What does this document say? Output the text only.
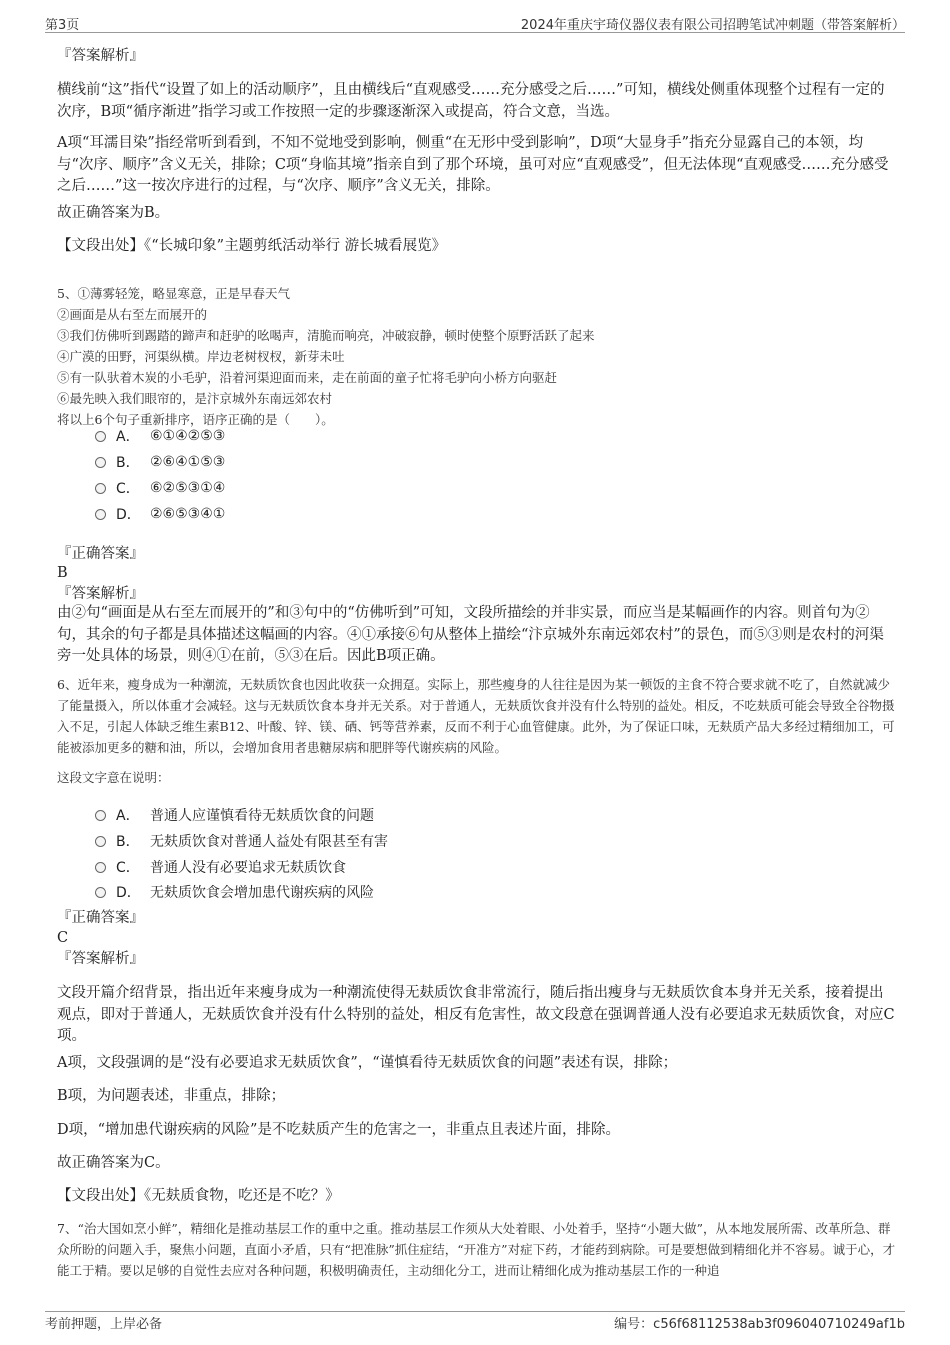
第3页	2024年重庆宇琦仪器仪表有限公司招聘笔试冲刺题（带答案解析）
『答案解析』
横线前“这”指代“设置了如上的活动顺序”，且由横线后“直观感受……充分感受之后……”可知，横线处侧重体现整个过程有一定的次序，B项“循序渐进”指学习或工作按照一定的步骤逐渐深入或提高，符合文意，当选。
A项“耳濡目染”指经常听到看到，不知不觉地受到影响，侧重“在无形中受到影响”，D项“大显身手”指充分显露自己的本领，均与“次序、顺序”含义无关，排除；C项“身临其境”指亲自到了那个环境，虽可对应“直观感受”，但无法体现“直观感受……充分感受之后……”这一按次序进行的过程，与“次序、顺序”含义无关，排除。
故正确答案为B。
【文段出处】《“长城印象”主题剪纸活动举行 游长城看展览》
5、①薄雾轻笼，略显寒意，正是早春天气
②画面是从右至左而展开的
③我们仿佛听到踢踏的蹄声和赶驴的吆喝声，清脆而响亮，冲破寂静，顿时使整个原野活跃了起来
④广漠的田野，河渠纵横。岸边老树杈杈，新芽未吐
⑤有一队驮着木炭的小毛驴，沿着河渠迎面而来，走在前面的童子忙将毛驴向小桥方向驱赶
⑥最先映入我们眼帘的，是汴京城外东南远郊农村
将以上6个句子重新排序，语序正确的是（　　）。
A． ⑥①④②⑤③
B． ②⑥④①⑤③
C． ⑥②⑤③①④
D． ②⑥⑤③④①
『正确答案』
B
『答案解析』
由②句“画面是从右至左而展开的”和③句中的“仿佛听到”可知，文段所描绘的并非实景，而应当是某幅画作的内容。则首句为②句，其余的句子都是具体描述这幅画的内容。④①承接⑥句从整体上描绘“汴京城外东南远郊农村”的景色，而⑤③则是农村的河渠旁一处具体的场景，则④①在前，⑤③在后。因此B项正确。
6、近年来，瘦身成为一种潮流，无麸质饮食也因此收获一众拥趸。实际上，那些瘦身的人往往是因为某一顿饭的主食不符合要求就不吃了，自然就减少了能量摄入，所以体重才会减轻。这与无麸质饮食本身并无关系。对于普通人，无麸质饮食并没有什么特别的益处。相反，不吃麸质可能会导致全谷物摄入不足，引起人体缺乏维生素B12、叶酸、锌、镁、硒、钙等营养素，反而不利于心血管健康。此外，为了保证口味，无麸质产品大多经过精细加工，可能被添加更多的糖和油，所以，会增加食用者患糖尿病和肥胖等代谢疾病的风险。
这段文字意在说明：
A． 普通人应谨慎看待无麸质饮食的问题
B． 无麸质饮食对普通人益处有限甚至有害
C． 普通人没有必要追求无麸质饮食
D． 无麸质饮食会增加患代谢疾病的风险
『正确答案』
C
『答案解析』
文段开篇介绍背景，指出近年来瘦身成为一种潮流使得无麸质饮食非常流行，随后指出瘦身与无麸质饮食本身并无关系，接着提出观点，即对于普通人，无麸质饮食并没有什么特别的益处，相反有危害性，故文段意在强调普通人没有必要追求无麸质饮食，对应C项。
A项，文段强调的是“没有必要追求无麸质饮食”，“谨慎看待无麸质饮食的问题”表述有误，排除；
B项，为问题表述，非重点，排除；
D项，“增加患代谢疾病的风险”是不吃麸质产生的危害之一，非重点且表述片面，排除。
故正确答案为C。
【文段出处】《无麸质食物，吃还是不吃？》
7、“治大国如烹小鲜”，精细化是推动基层工作的重中之重。推动基层工作须从大处着眼、小处着手，坚持“小题大做”，从本地发展所需、改革所急、群众所盼的问题入手，聚焦小问题，直面小矛盾，只有“把准脉”抓住症结，“开准方”对症下药，才能药到病除。可是要想做到精细化并不容易。诚于心，才能工于精。要以足够的自觉性去应对各种问题，积极明确责任，主动细化分工，进而让精细化成为推动基层工作的一种追
考前押题，上岸必备	编号：c56f68112538ab3f096040710249af1b
